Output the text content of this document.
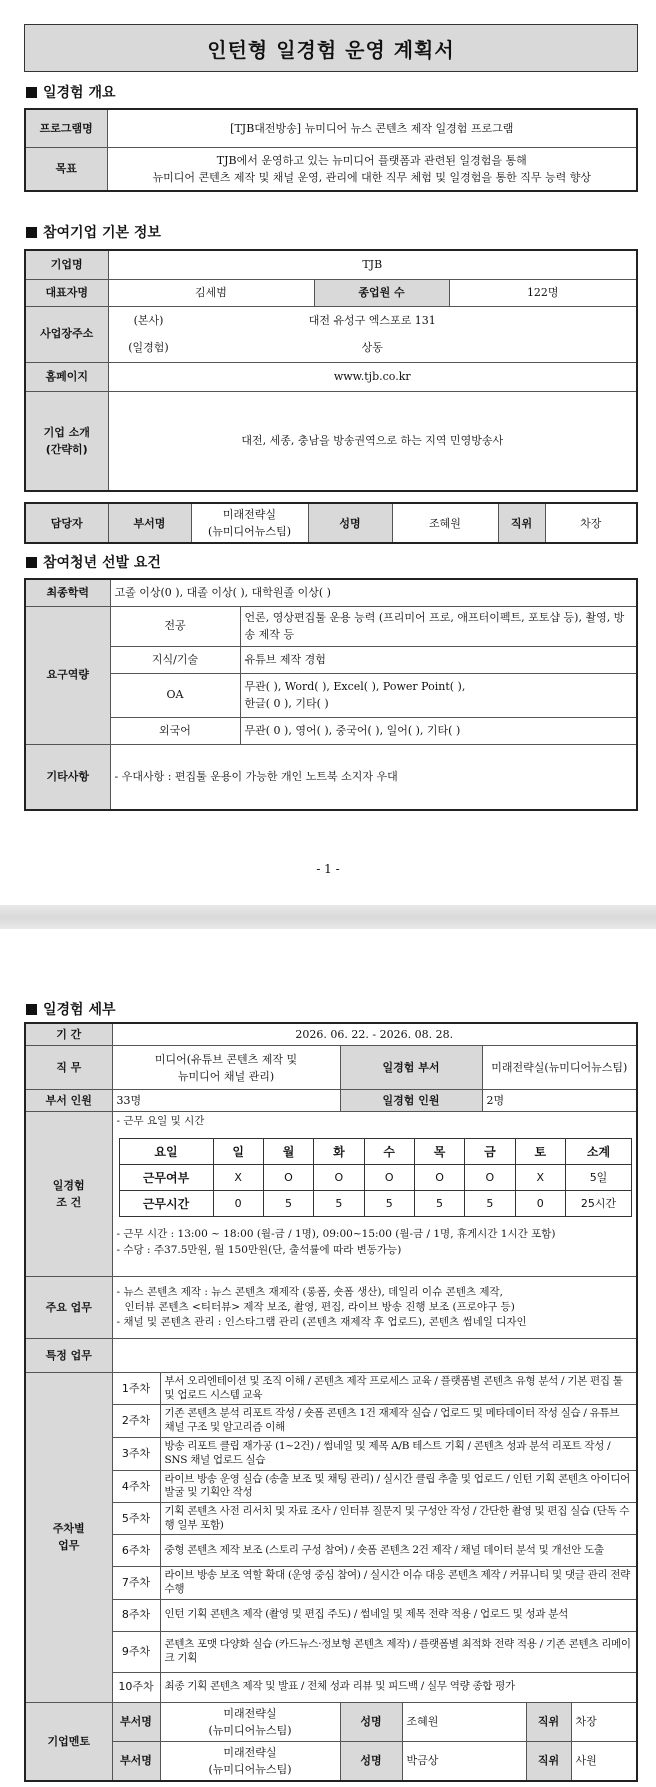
인턴형 일경험 운영 계획서
일경험 개요
프로그램명	[TJB대전방송] 뉴미디어 뉴스 콘텐츠 제작 일경험 프로그램
목표	TJB에서 운영하고 있는 뉴미디어 플랫폼과 관련된 일경험을 통해
뉴미디어 콘텐츠 제작 및 채널 운영, 관리에 대한 직무 체험 및 일경험을 통한 직무 능력 향상
참여기업 기본 정보
기업명	TJB		
대표자명	김세범	종업원 수	122명
사업장주소	(본사) 대전 유성구 엑스포로 131
(일경험) 상동		

홈페이지	www.tjb.co.kr		

기업 소개
(간략히)	대전, 세종, 충남을 방송권역으로 하는 지역 민영방송사		
담당자	부서명	
미래전략실
(뉴미디어뉴스팀)
	성명	조혜원	직위	차장
참여청년 선발 요건
최종학력	고졸 이상(0 ), 대졸 이상( ), 대학원졸 이상( )	
요구역량	전공	언론, 영상편집툴 운용 능력 (프리미어 프로, 애프터이펙트, 포토샵 등), 촬영, 방송 제작 등
	지식/기술	유튜브 제작 경험
	OA	무관( ), Word( ), Excel( ), Power Point( ),
한글( 0 ), 기타( )

	외국어	무관( 0 ), 영어( ), 중국어( ), 일어( ), 기타( )
기타사항	- 우대사항 : 편집툴 운용이 가능한 개인 노트북 소지자 우대	
- 1 -
일경험 세부
기 간	2026. 06. 22. - 2026. 08. 28.
직 무	
미디어(유튜브 콘텐츠 제작 및
뉴미디어 채널 관리)
	일경험 부서	미래전략실(뉴미디어뉴스팀)
부서 인원	33명	일경험 인원	2명

일경험
조 건

- 근무 요일 및 시간
요일	일	월	화	수	목	금	토	소계
근무여부	X	O	O	O	O	O	X	5일
근무시간	0	5	5	5	5	5	0	25시간
- 근무 시간 : 13:00 ~ 18:00 (월-금 / 1명), 09:00~15:00 (월-금 / 1명, 휴게시간 1시간 포함)
- 수당 : 주37.5만원, 월 150만원(단, 출석률에 따라 변동가능)

주요 업무	
- 뉴스 콘텐츠 제작 : 뉴스 콘텐츠 재제작 (롱폼, 숏폼 생산), 데일리 이슈 콘텐츠 제작,
인터뷰 콘텐츠 <티터뷰> 제작 보조, 촬영, 편집, 라이브 방송 진행 보조 (프로야구 등)
- 채널 및 콘텐츠 관리 : 인스타그램 관리 (콘텐츠 재제작 후 업로드), 콘텐츠 썸네일 디자인

특정 업무	

주차별
업무
	1주차	부서 오리엔테이션 및 조직 이해 / 콘텐츠 제작 프로세스 교육 / 플랫폼별 콘텐츠 유형 분석 / 기본 편집 툴 및 업로드 시스템 교육
2주차	기존 콘텐츠 분석 리포트 작성 / 숏폼 콘텐츠 1건 재제작 실습 / 업로드 및 메타데이터 작성 실습 / 유튜브 채널 구조 및 알고리즘 이해
3주차	방송 리포트 클립 재가공 (1~2건) / 썸네일 및 제목 A/B 테스트 기획 / 콘텐츠 성과 분석 리포트 작성 / SNS 채널 업로드 실습
4주차	라이브 방송 운영 실습 (송출 보조 및 채팅 관리) / 실시간 클립 추출 및 업로드 / 인턴 기획 콘텐츠 아이디어 발굴 및 기획안 작성
5주차	기획 콘텐츠 사전 리서치 및 자료 조사 / 인터뷰 질문지 및 구성안 작성 / 간단한 촬영 및 편집 실습 (단독 수행 일부 포함)
6주차	중형 콘텐츠 제작 보조 (스토리 구성 참여) / 숏폼 콘텐츠 2건 제작 / 채널 데이터 분석 및 개선안 도출
7주차	라이브 방송 보조 역할 확대 (운영 중심 참여) / 실시간 이슈 대응 콘텐츠 제작 / 커뮤니티 및 댓글 관리 전략 수행
8주차	인턴 기획 콘텐츠 제작 (촬영 및 편집 주도) / 썸네일 및 제목 전략 적용 / 업로드 및 성과 분석
9주차	콘텐츠 포맷 다양화 실습 (카드뉴스·정보형 콘텐츠 제작) / 플랫폼별 최적화 전략 적용 / 기존 콘텐츠 리메이크 기획
10주차	최종 기획 콘텐츠 제작 및 발표 / 전체 성과 리뷰 및 피드백 / 실무 역량 종합 평가
기업멘토	부서명	
미래전략실
(뉴미디어뉴스팀)
	성명	조혜원	직위	차장
부서명	
미래전략실
(뉴미디어뉴스팀)
	성명	박금상	직위	사원
